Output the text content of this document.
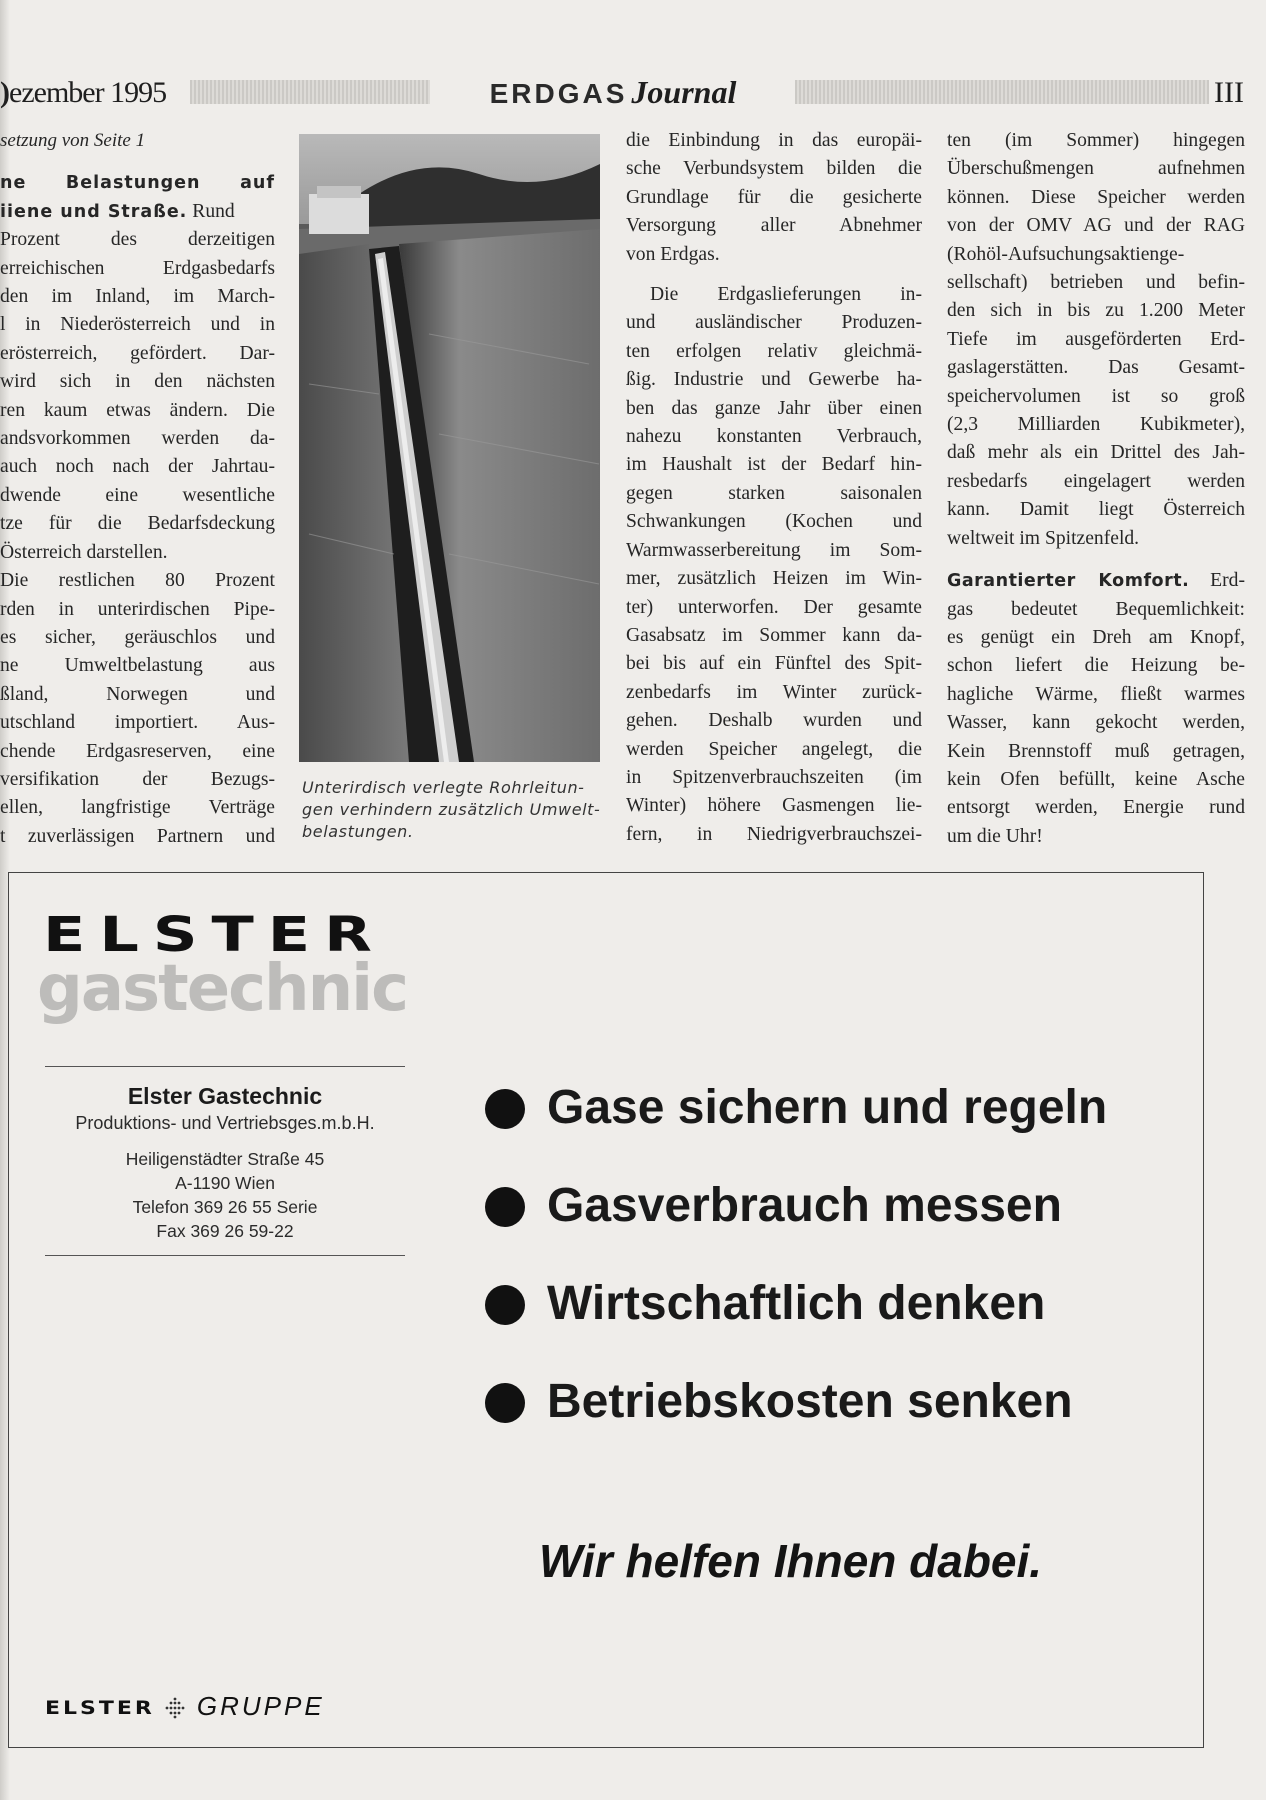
)ezember 1995	ERDGAS Journal	III

setzung von Seite 1

ne Belastungen auf
iiene und Straße. Rund

Prozent des derzeitigen

erreichischen Erdgasbedarfs

den im Inland, im March-

l in Niederösterreich und in

erösterreich, gefördert. Dar-

wird sich in den nächsten

ren kaum etwas ändern. Die

andsvorkommen werden da-

auch noch nach der Jahrtau-

dwende eine wesentliche

tze für die Bedarfsdeckung

Österreich darstellen.

Die restlichen 80 Prozent

rden in unterirdischen Pipe-

es sicher, geräuschlos und

ne Umweltbelastung aus

ßland, Norwegen und

utschland importiert. Aus-

chende Erdgasreserven, eine

versifikation der Bezugs-

ellen, langfristige Verträge

t zuverlässigen Partnern und

Unterirdisch verlegte Rohrleitun-

gen verhindern zusätzlich Umwelt-

belastungen.

die Einbindung in das europäi-

sche Verbundsystem bilden die

Grundlage für die gesicherte

Versorgung aller Abnehmer

von Erdgas.

Die Erdgaslieferungen in-

und ausländischer Produzen-

ten erfolgen relativ gleichmä-

ßig. Industrie und Gewerbe ha-

ben das ganze Jahr über einen

nahezu konstanten Verbrauch,

im Haushalt ist der Bedarf hin-

gegen starken saisonalen

Schwankungen (Kochen und

Warmwasserbereitung im Som-

mer, zusätzlich Heizen im Win-

ter) unterworfen. Der gesamte

Gasabsatz im Sommer kann da-

bei bis auf ein Fünftel des Spit-

zenbedarfs im Winter zurück-

gehen. Deshalb wurden und

werden Speicher angelegt, die

in Spitzenverbrauchszeiten (im

Winter) höhere Gasmengen lie-

fern, in Niedrigverbrauchszei-

ten (im Sommer) hingegen

Überschußmengen aufnehmen

können. Diese Speicher werden

von der OMV AG und der RAG

(Rohöl-Aufsuchungsaktienge-

sellschaft) betrieben und befin-

den sich in bis zu 1.200 Meter

Tiefe im ausgeförderten Erd-

gaslagerstätten. Das Gesamt-

speichervolumen ist so groß

(2,3 Milliarden Kubikmeter),

daß mehr als ein Drittel des Jah-

resbedarfs eingelagert werden

kann. Damit liegt Österreich

weltweit im Spitzenfeld.

Garantierter Komfort. Erd-

gas bedeutet Bequemlichkeit:

es genügt ein Dreh am Knopf,

schon liefert die Heizung be-

hagliche Wärme, fließt warmes

Wasser, kann gekocht werden,

Kein Brennstoff muß getragen,

kein Ofen befüllt, keine Asche

entsorgt werden, Energie rund

um die Uhr!

ELSTER
gastechnic
Elster Gastechnic
Produktions- und Vertriebsges.m.b.H.
Heiligenstädter Straße 45
A-1190 Wien
Telefon 369 26 55 Serie
Fax 369 26 59-22
Gase sichern und regeln
Gasverbrauch messen
Wirtschaftlich denken
Betriebskosten senken
Wir helfen Ihnen dabei.
ELSTER GRUPPE
